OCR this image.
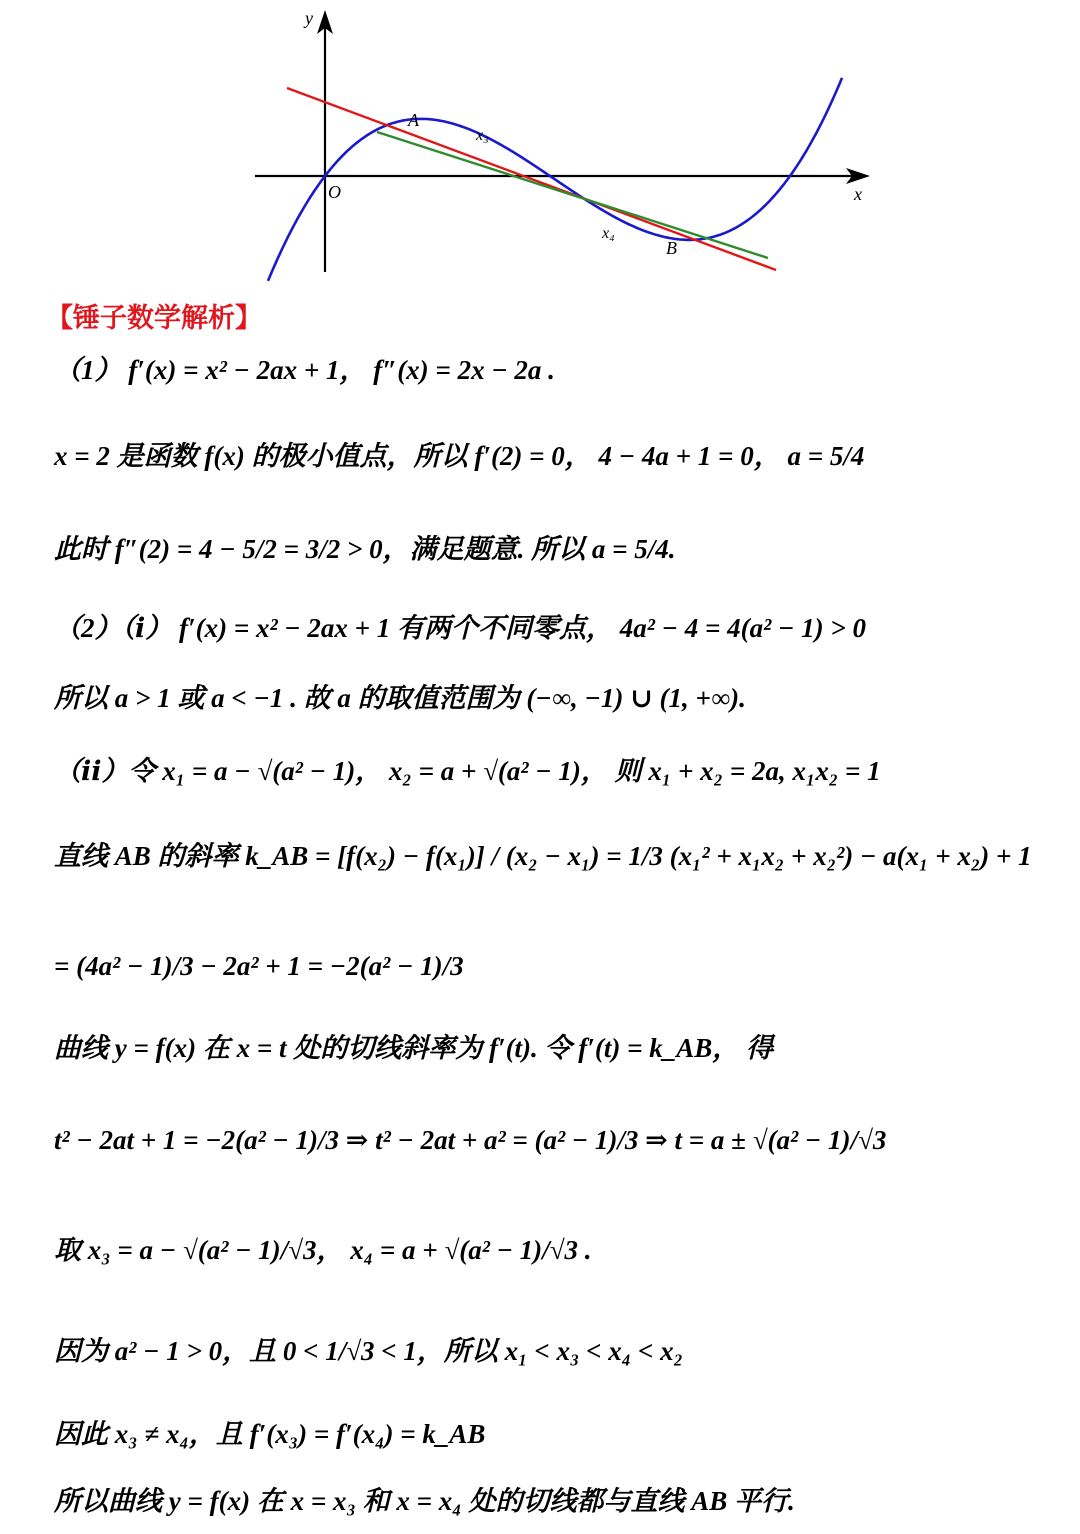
y
x
O
A
B
x₃
x₄
【锤子数学解析】
（1） f′(x) = x² − 2ax + 1， f″(x) = 2x − 2a .
x = 2 是函数 f(x) 的极小值点，所以 f′(2) = 0， 4 − 4a + 1 = 0， a = 5/4
此时 f″(2) = 4 − 5/2 = 3/2 > 0，满足题意. 所以 a = 5/4.
（2）（ⅰ） f′(x) = x² − 2ax + 1 有两个不同零点， 4a² − 4 = 4(a² − 1) > 0
所以 a > 1 或 a < −1 . 故 a 的取值范围为 (−∞, −1) ∪ (1, +∞).
（ⅱ）令 x₁ = a − √(a² − 1)， x₂ = a + √(a² − 1)， 则 x₁ + x₂ = 2a, x₁x₂ = 1
直线 AB 的斜率 k_AB = [f(x₂) − f(x₁)] / (x₂ − x₁) = 1/3 (x₁² + x₁x₂ + x₂²) − a(x₁ + x₂) + 1
= (4a² − 1)/3 − 2a² + 1 = −2(a² − 1)/3
曲线 y = f(x) 在 x = t 处的切线斜率为 f′(t). 令 f′(t) = k_AB， 得
t² − 2at + 1 = −2(a² − 1)/3 ⇒ t² − 2at + a² = (a² − 1)/3 ⇒ t = a ± √(a² − 1)/√3
取 x₃ = a − √(a² − 1)/√3， x₄ = a + √(a² − 1)/√3 .
因为 a² − 1 > 0，且 0 < 1/√3 < 1，所以 x₁ < x₃ < x₄ < x₂
因此 x₃ ≠ x₄，且 f′(x₃) = f′(x₄) = k_AB
所以曲线 y = f(x) 在 x = x₃ 和 x = x₄ 处的切线都与直线 AB 平行.
